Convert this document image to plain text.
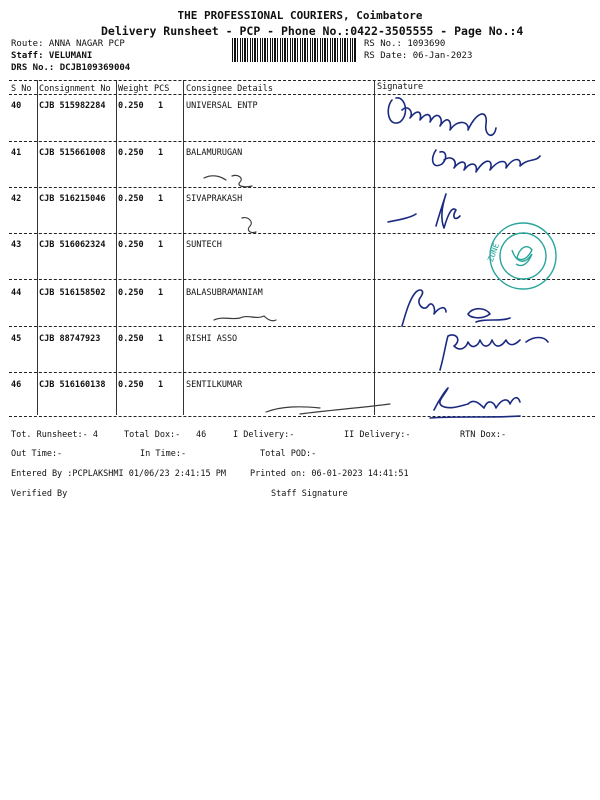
THE PROFESSIONAL COURIERS, Coimbatore
Delivery Runsheet - PCP - Phone No.:0422-3505555 - Page No.:4
Route: ANNA NAGAR PCP
Staff: VELUMANI
DRS No.: DCJB109369004
RS No.: 1093690
RS Date: 06-Jan-2023
S No Consignment No Weight PCS Consignee Details	Signature
40 CJB 515982284 0.250 1	UNIVERSAL ENTP
41 CJB 515661008 0.250 1	BALAMURUGAN
42 CJB 516215046 0.250 1	SIVAPRAKASH
43 CJB 516062324 0.250 1	SUNTECH
44 CJB 516158502 0.250 1	BALASUBRAMANIAM
45 CJB 88747923 0.250 1	RISHI ASSO
46 CJB 516160138 0.250 1	SENTILKUMAR
ZONE
Tot. Runsheet:- 4	Total Dox:- 46	I Delivery:-	II Delivery:-	RTN Dox:-
Out Time:-	In Time:-	Total POD:-
Entered By :PCPLAKSHMI 01/06/23 2:41:15 PM	Printed on: 06-01-2023 14:41:51
Verified By	Staff Signature
